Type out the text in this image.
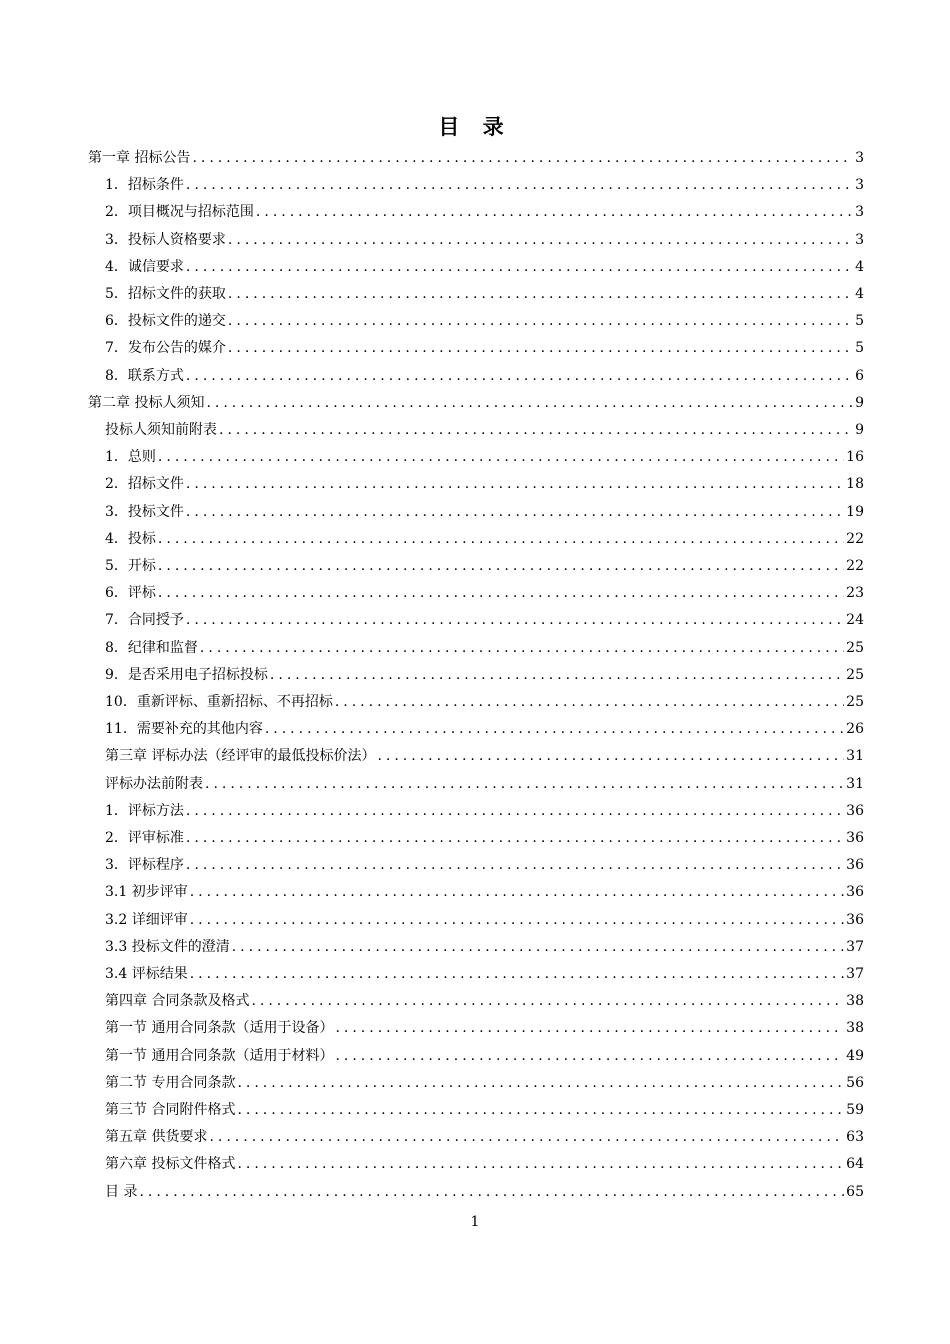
目 录
第一章 招标公告 .....	3
1．招标条件 .....	3
2．项目概况与招标范围 .....	3
3．投标人资格要求 .....	3
4．诚信要求 .....	4
5．招标文件的获取 .....	4
6．投标文件的递交 .....	5
7．发布公告的媒介 .....	5
8．联系方式 .....	6
第二章 投标人须知 .....	9
投标人须知前附表 .....	9
1．总则 .....	16
2．招标文件 .....	18
3．投标文件 .....	19
4．投标 .....	22
5．开标 .....	22
6．评标 .....	23
7．合同授予 .....	24
8．纪律和监督 .....	25
9．是否采用电子招标投标 .....	25
10．重新评标、重新招标、不再招标 .....	25
11．需要补充的其他内容 .....	26
第三章 评标办法（经评审的最低投标价法） .....	31
评标办法前附表 .....	31
1．评标方法 .....	36
2．评审标准 .....	36
3．评标程序 .....	36
3.1 初步评审 .....	36
3.2 详细评审 .....	36
3.3 投标文件的澄清 .....	37
3.4 评标结果 .....	37
第四章 合同条款及格式 .....	38
第一节 通用合同条款（适用于设备） .....	38
第一节 通用合同条款（适用于材料） .....	49
第二节 专用合同条款 .....	56
第三节 合同附件格式 .....	59
第五章 供货要求 .....	63
第六章 投标文件格式 .....	64
目 录 .....	65
1
